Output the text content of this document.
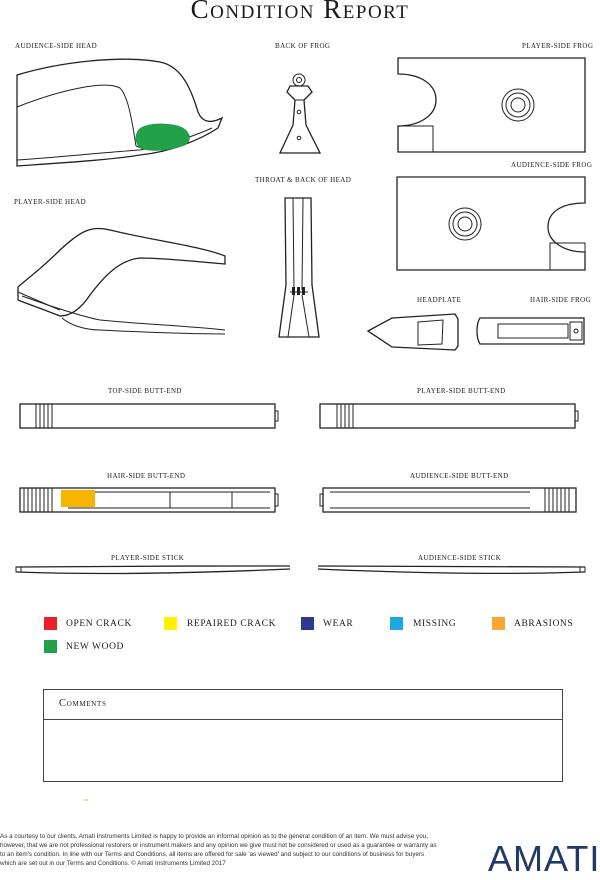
Condition Report
AUDIENCE-SIDE HEAD	BACK OF FROG	PLAYER-SIDE FROG
AUDIENCE-SIDE FROG
PLAYER-SIDE HEAD
THROAT & BACK OF HEAD
HEADPLATE	HAIR-SIDE FROG
TOP-SIDE BUTT-END	PLAYER-SIDE BUTT-END
HAIR-SIDE BUTT-END	AUDIENCE-SIDE BUTT-END
PLAYER-SIDE STICK	AUDIENCE-SIDE STICK
OPEN CRACK	REPAIRED CRACK	WEAR	MISSING	ABRASIONS
NEW WOOD
Comments
As a courtesy to our clients, Amati Instruments Limited is happy to provide an informal opinion as to the general condition of an item. We must advise you, however, that we are not professional restorers or instrument makers and any opinion we give must not be considered or used as a guarantee or warranty as to an item's condition. In line with our Terms and Conditions, all items are offered for sale 'as viewed' and subject to our conditions of business for buyers which are set out in our Terms and Conditions. © Amati Instruments Limited 2017	AMATI
